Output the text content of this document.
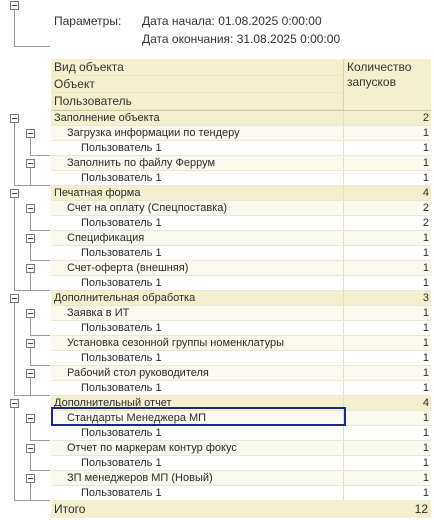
Параметры: Дата начала: 01.08.2025 0:00:00
Дата окончания: 31.08.2025 0:00:00
Вид объекта
Объект
Пользователь
Количество запусков
Заполнение объекта	2
Загрузка информации по тендеру	1
Пользователь 1	1
Заполнить по файлу Феррум	1
Пользователь 1	1
Печатная форма	4
Счет на оплату (Спецпоставка)	2
Пользователь 1	2
Спецификация	1
Пользователь 1	1
Счет-оферта (внешняя)	1
Пользователь 1	1
Дополнительная обработка	3
Заявка в ИТ	1
Пользователь 1	1
Установка сезонной группы номенклатуры	1
Пользователь 1	1
Рабочий стол руководителя	1
Пользователь 1	1
Дополнительный отчет	4
Стандарты Менеджера МП	1
Пользователь 1	1
Отчет по маркерам контур фокус	1
Пользователь 1	1
ЗП менеджеров МП (Новый)	1
Пользователь 1	1
Итого	12
